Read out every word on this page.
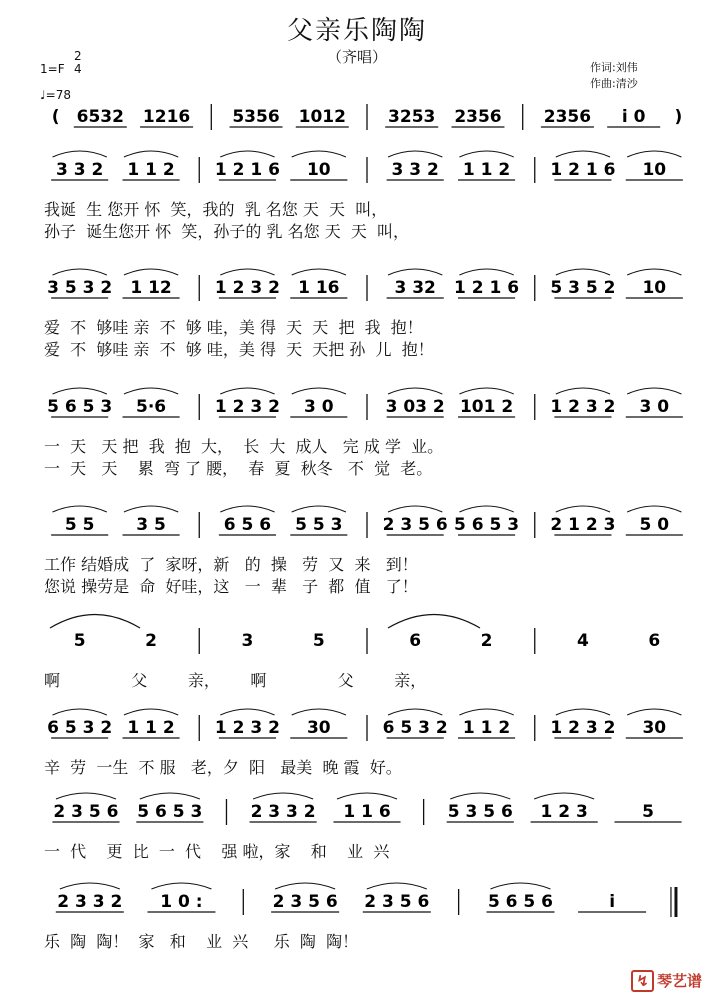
父亲乐陶陶
（齐唱）
1=F
2
4
♩=78
作词:刘伟
作曲:清沙
( 6532 1216 5356 1012 3253 2356 2356 i 0 )
3 3 2 1 1 2 1 2 1 6 10	3 3 2 1 1 2 1 2 1 6 10
3 5 3 2 1 12	1 2 3 2 1 16	3 32 1 2 1 6 5 3 5 2 10
5 6 5 3 5·6	1 2 3 2 3 0	3 03 2 101 2 1 2 3 2 3 0
5 5 3 5	6 5 6 5 5 3 2 3 5 6 5 6 5 3 2 1 2 3 5 0
5	2	3	5	6	2	4	6
6 5 3 2 1 1 2 1 2 3 2 30	6 5 3 2 1 1 2 1 2 3 2 30
2 3 5 6 5 6 5 3	2 3 3 2 1 1 6	5 3 5 6 1 2 3	5
2 3 3 2 1 0 :	2 3 5 6 2 3 5 6	5 6 5 6	i
我诞  生 您开 怀  笑，我的  乳 名您 天  天  叫，
孙子  诞生您开 怀  笑，孙子的 乳 名您 天  天  叫，
爱  不  够哇 亲  不  够 哇，美 得  天  天  把  我  抱！
爱  不  够哇 亲  不  够 哇，美 得  天  天把 孙  儿  抱！
一  天   天 把  我  抱  大，  长  大  成人   完 成 学  业。
一  天   天    累  弯 了 腰，  春  夏  秋冬   不  觉  老。
工作 结婚成  了  家呀，新   的  操   劳  又  来   到！
您说 操劳是  命  好哇，这   一  辈   子  都  值   了！
啊              父        亲，      啊              父        亲，
辛  劳  一生  不 服   老，夕  阳   最美  晚 霞  好。
一  代    更  比  一  代    强 啦，家    和    业  兴
乐  陶  陶！  家   和    业  兴     乐  陶  陶！
↯ 琴艺谱
